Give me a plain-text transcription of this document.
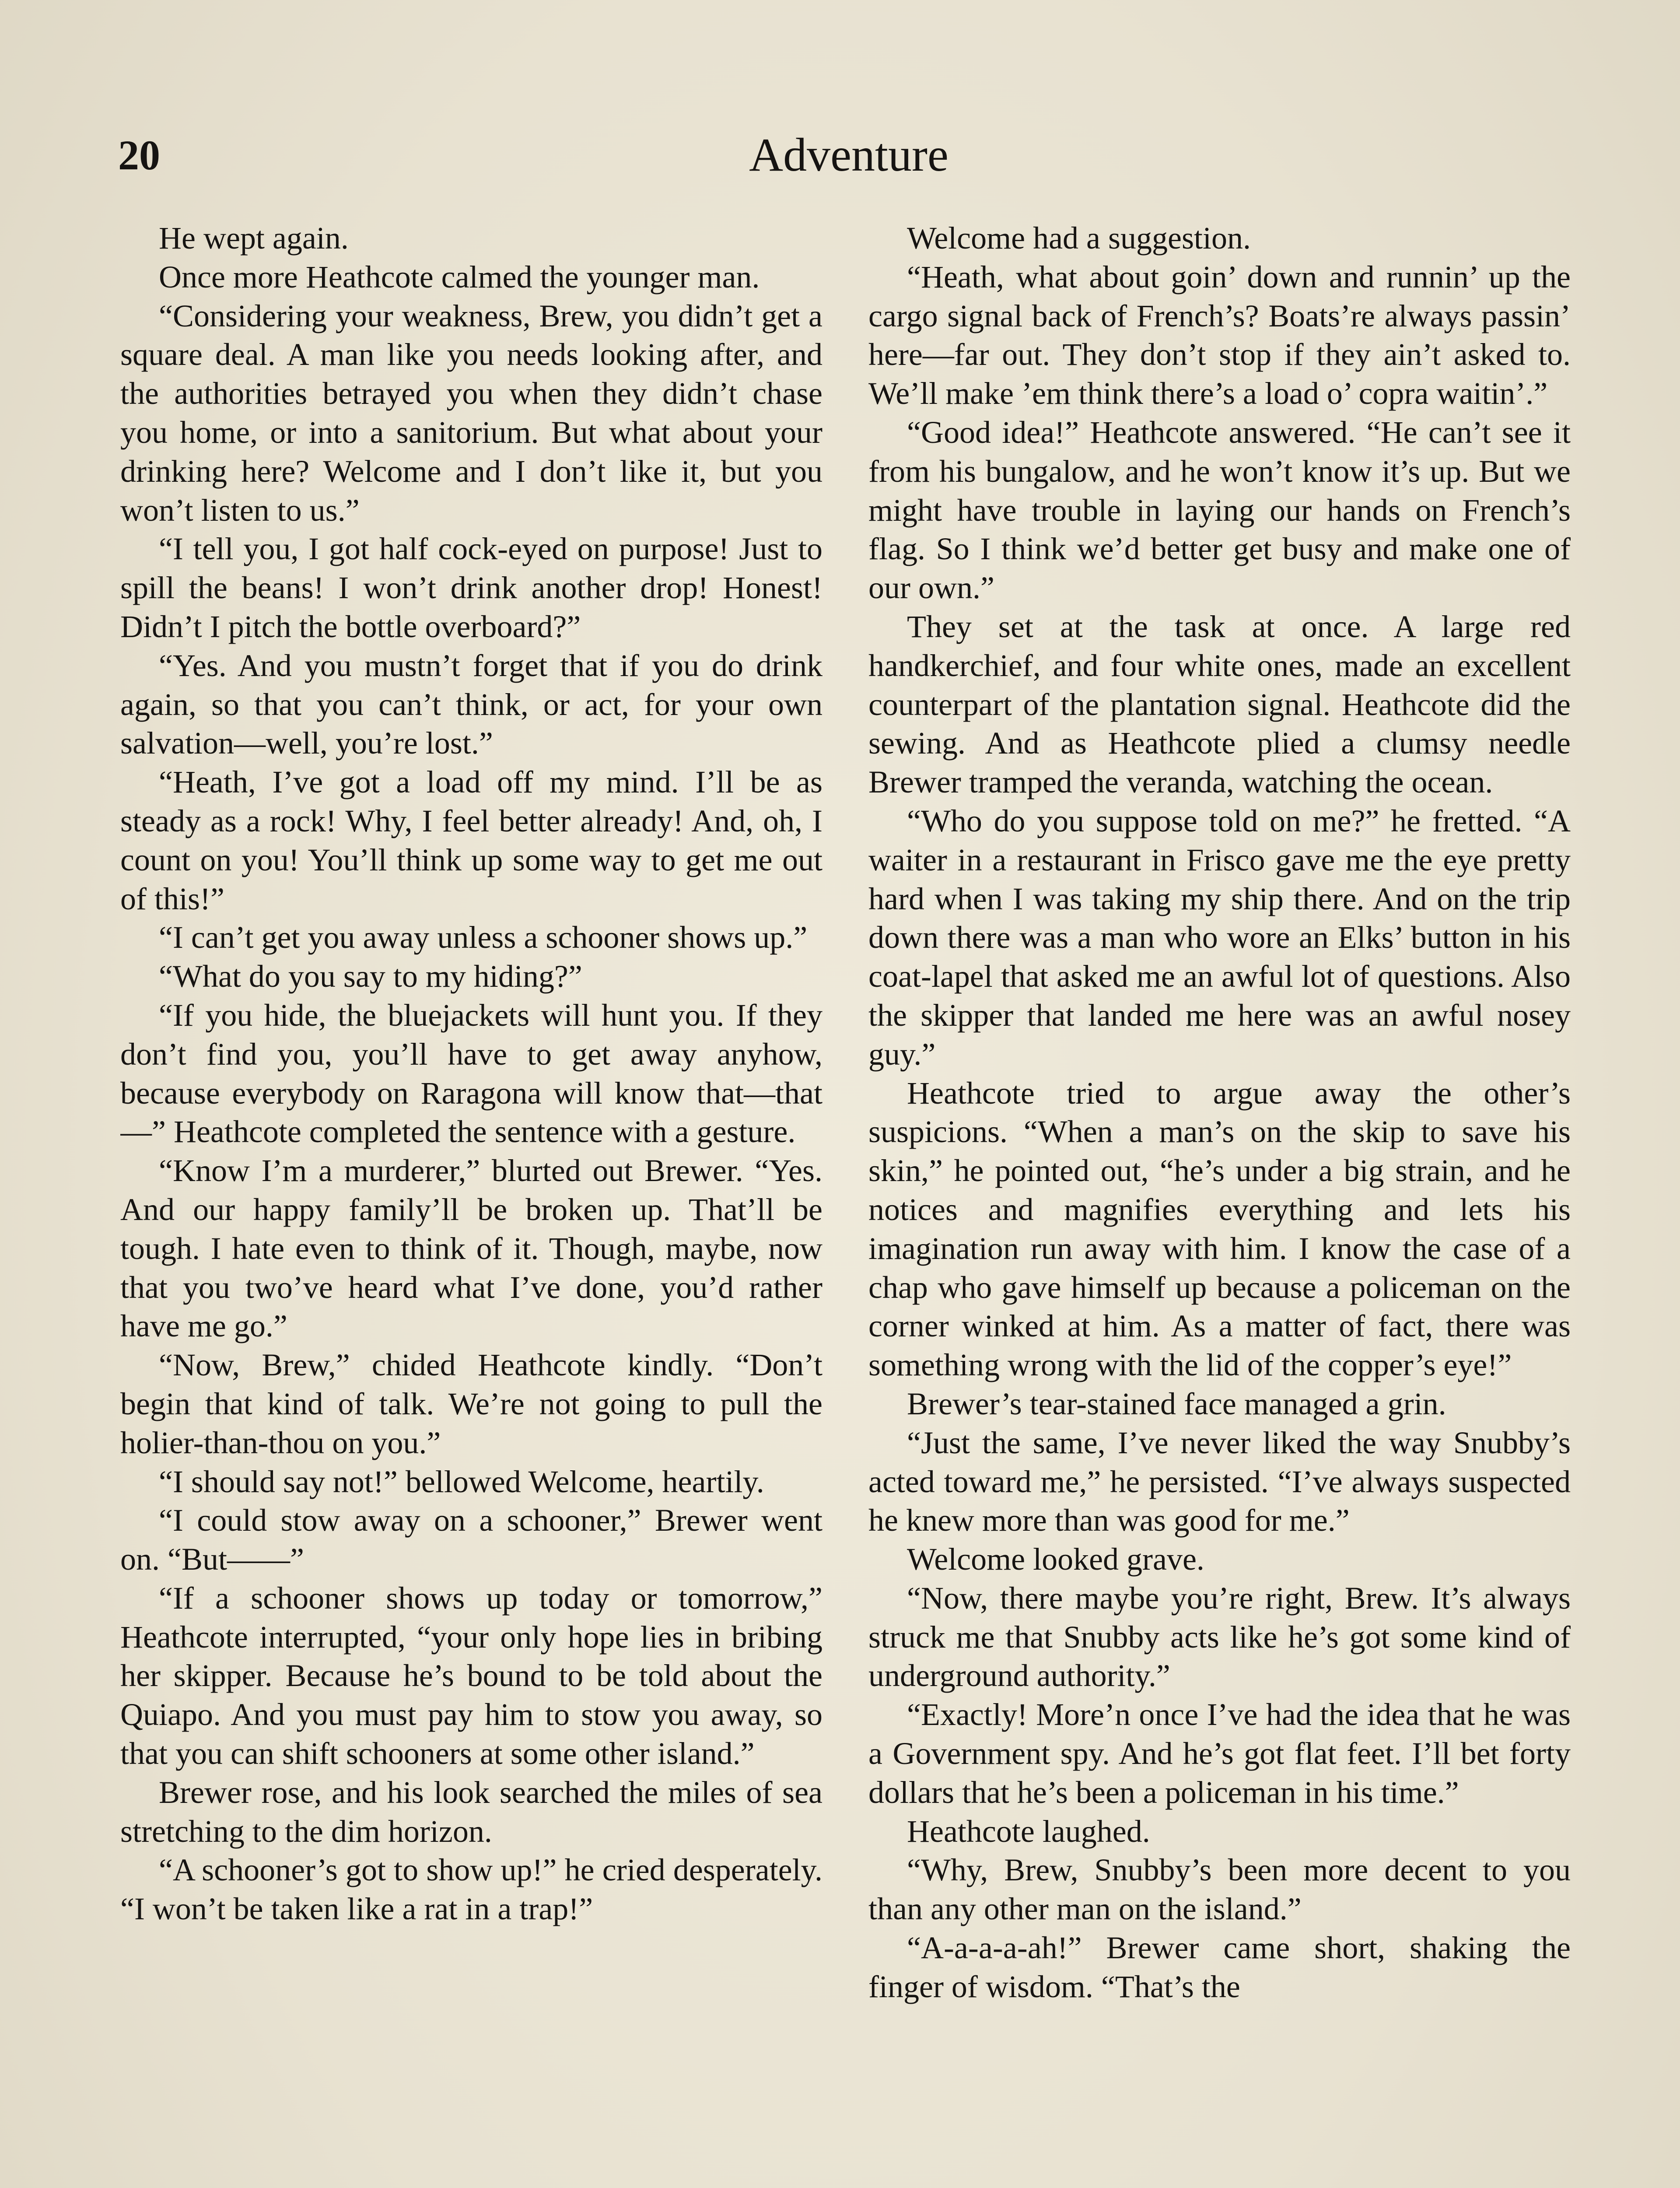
20	Adventure

He wept again.

Once more Heathcote calmed the younger man.

“Considering your weakness, Brew, you didn’t get a square deal. A man like you needs looking after, and the authorities betrayed you when they didn’t chase you home, or into a sanitorium. But what about your drinking here? Welcome and I don’t like it, but you won’t listen to us.”

“I tell you, I got half cock-eyed on purpose! Just to spill the beans! I won’t drink another drop! Honest! Didn’t I pitch the bottle overboard?”

“Yes. And you mustn’t forget that if you do drink again, so that you can’t think, or act, for your own salvation—well, you’re lost.”

“Heath, I’ve got a load off my mind. I’ll be as steady as a rock! Why, I feel better already! And, oh, I count on you! You’ll think up some way to get me out of this!”

“I can’t get you away unless a schooner shows up.”

“What do you say to my hiding?”

“If you hide, the bluejackets will hunt you. If they don’t find you, you’ll have to get away anyhow, because everybody on Raragona will know that—that—” Heathcote completed the sentence with a gesture.

“Know I’m a murderer,” blurted out Brewer. “Yes. And our happy family’ll be broken up. That’ll be tough. I hate even to think of it. Though, maybe, now that you two’ve heard what I’ve done, you’d rather have me go.”

“Now, Brew,” chided Heathcote kindly. “Don’t begin that kind of talk. We’re not going to pull the holier-than-thou on you.”

“I should say not!” bellowed Welcome, heartily.

“I could stow away on a schooner,” Brewer went on. “But——”

“If a schooner shows up today or tomorrow,” Heathcote interrupted, “your only hope lies in bribing her skipper. Because he’s bound to be told about the Quiapo. And you must pay him to stow you away, so that you can shift schooners at some other island.”

Brewer rose, and his look searched the miles of sea stretching to the dim horizon.

“A schooner’s got to show up!” he cried desperately. “I won’t be taken like a rat in a trap!”

Welcome had a suggestion.

“Heath, what about goin’ down and runnin’ up the cargo signal back of French’s? Boats’re always passin’ here—far out. They don’t stop if they ain’t asked to. We’ll make ’em think there’s a load o’ copra waitin’.”

“Good idea!” Heathcote answered. “He can’t see it from his bungalow, and he won’t know it’s up. But we might have trouble in laying our hands on French’s flag. So I think we’d better get busy and make one of our own.”

They set at the task at once. A large red handkerchief, and four white ones, made an excellent counterpart of the plantation signal. Heathcote did the sewing. And as Heathcote plied a clumsy needle Brewer tramped the veranda, watching the ocean.

“Who do you suppose told on me?” he fretted. “A waiter in a restaurant in Frisco gave me the eye pretty hard when I was taking my ship there. And on the trip down there was a man who wore an Elks’ button in his coat-lapel that asked me an awful lot of questions. Also the skipper that landed me here was an awful nosey guy.”

Heathcote tried to argue away the other’s suspicions. “When a man’s on the skip to save his skin,” he pointed out, “he’s under a big strain, and he notices and magnifies everything and lets his imagination run away with him. I know the case of a chap who gave himself up because a policeman on the corner winked at him. As a matter of fact, there was something wrong with the lid of the copper’s eye!”

Brewer’s tear-stained face managed a grin.

“Just the same, I’ve never liked the way Snubby’s acted toward me,” he persisted. “I’ve always suspected he knew more than was good for me.”

Welcome looked grave.

“Now, there maybe you’re right, Brew. It’s always struck me that Snubby acts like he’s got some kind of underground authority.”

“Exactly! More’n once I’ve had the idea that he was a Government spy. And he’s got flat feet. I’ll bet forty dollars that he’s been a policeman in his time.”

Heathcote laughed.

“Why, Brew, Snubby’s been more decent to you than any other man on the island.”

“A-a-a-a-ah!” Brewer came short, shaking the finger of wisdom. “That’s the
